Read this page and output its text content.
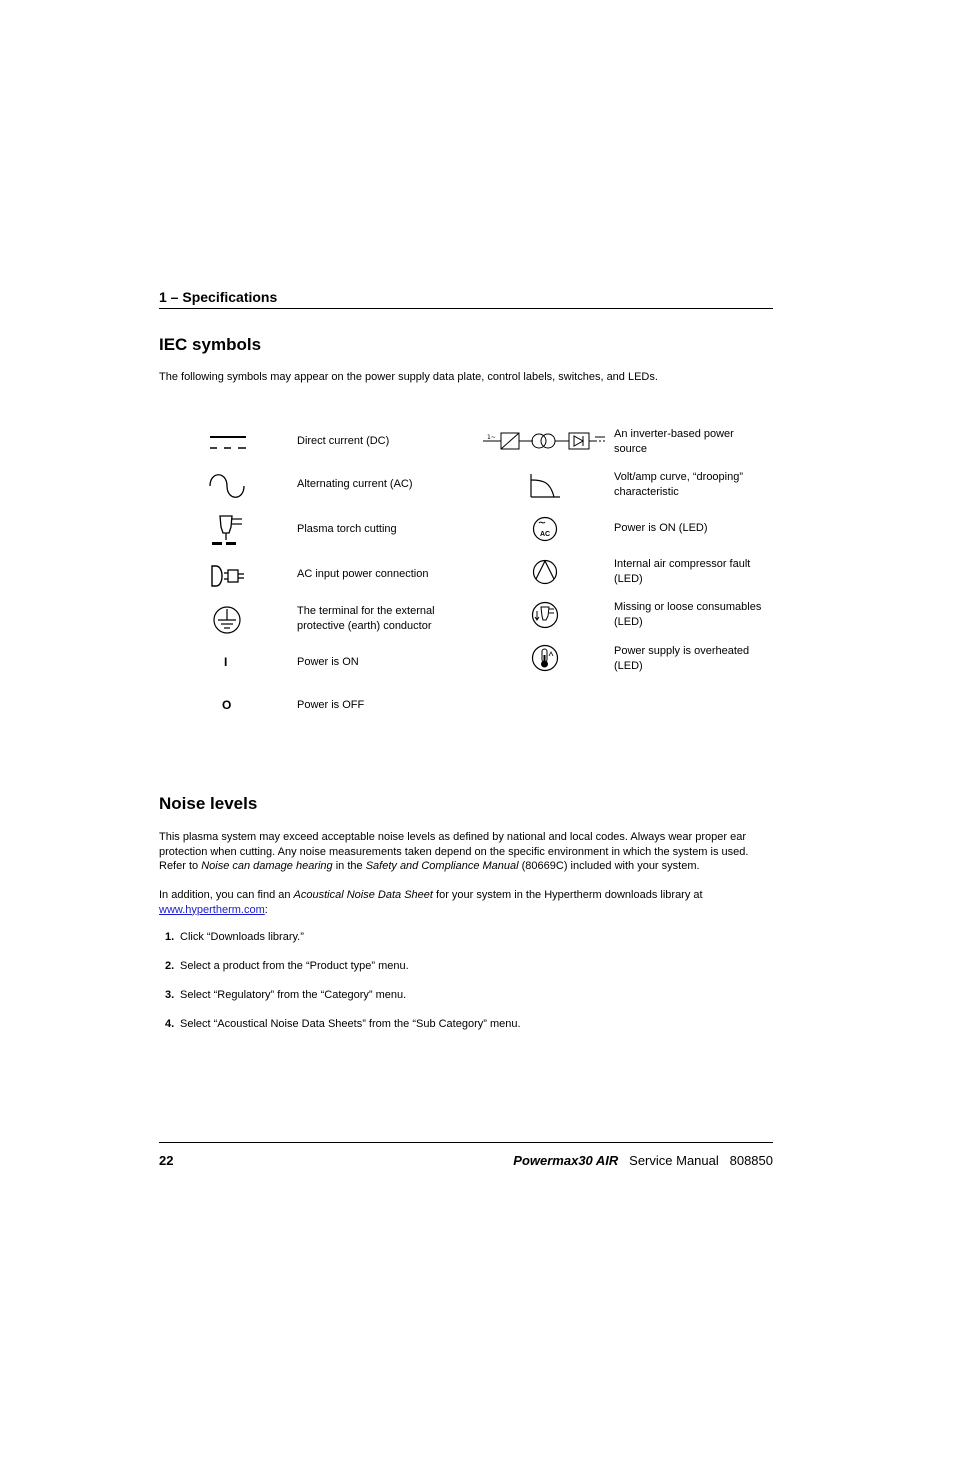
1 – Specifications
IEC symbols
The following symbols may appear on the power supply data plate, control labels, switches, and LEDs.
I
O
Direct current (DC)
Alternating current (AC)
Plasma torch cutting
AC input power connection
The terminal for the external protective (earth) conductor
Power is ON
Power is OFF
1~
AC
An inverter-based power source
Volt/amp curve, “drooping” characteristic
Power is ON (LED)
Internal air compressor fault (LED)
Missing or loose consumables (LED)
Power supply is overheated (LED)
Noise levels
This plasma system may exceed acceptable noise levels as defined by national and local codes. Always wear proper ear protection when cutting. Any noise measurements taken depend on the specific environment in which the system is used. Refer to Noise can damage hearing in the Safety and Compliance Manual (80669C) included with your system.
In addition, you can find an Acoustical Noise Data Sheet for your system in the Hypertherm downloads library at www.hypertherm.com:
1. Click “Downloads library.”
2. Select a product from the “Product type” menu.
3. Select “Regulatory” from the “Category” menu.
4. Select “Acoustical Noise Data Sheets” from the “Sub Category” menu.
22	Powermax30 AIR Service Manual 808850
